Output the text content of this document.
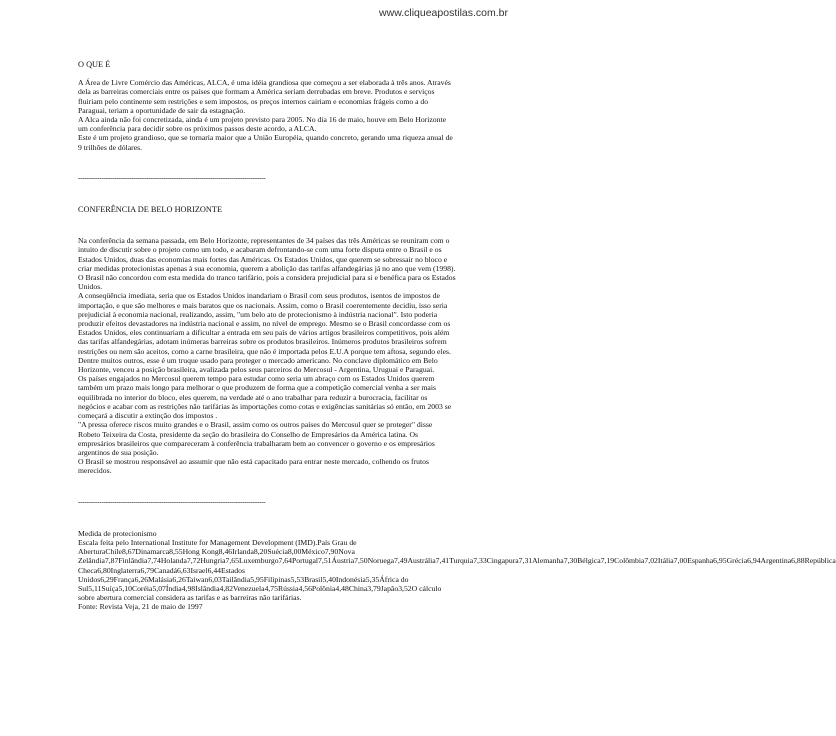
www.cliqueapostilas.com.br

O QUE É

A Área de Livre Comércio das Américas, ALCA, é uma idéia grandiosa que começou a ser elaborada à três anos. Através dela as barreiras comerciais entre os países que formam a América seriam derrubadas em breve. Produtos e serviços fluiriam pelo continente sem restrições e sem impostos, os preços internos cairiam e economias frágeis como a do Paraguai, teriam a oportunidade de sair da estagnação.

A Alca ainda não foi concretizada, ainda é um projeto previsto para 2005. No dia 16 de maio, houve em Belo Horizonte um conferência para decidir sobre os próximos passos deste acordo, a ALCA.

Este é um projeto grandioso, que se tornaria maior que a União Européia, quando concreto, gerando uma riqueza anual de 9 trilhões de dólares.

----------------------------------------------------------------------------------------

CONFERÊNCIA DE BELO HORIZONTE

Na conferência da semana passada, em Belo Horizonte, representantes de 34 países das três Américas se reuniram com o intuito de discutir sobre o projeto como um todo, e acabaram defrontando-se com uma forte disputa entre o Brasil e os Estados Unidos, duas das economias mais fortes das Américas. Os Estados Unidos, que querem se sobressair no bloco e criar medidas protecionistas apenas à sua economia, querem a abolição das tarifas alfandegárias já no ano que vem (1998). O Brasil não concordou com esta medida do tranco tarifário, pois a considera prejudicial para si e benéfica para os Estados Unidos.

A conseqüência imediata, seria que os Estados Unidos inandariam o Brasil com seus produtos, isentos de impostos de importação, e que são melhores e mais baratos que os nacionais. Assim, como o Brasil coerentemente decidiu, isso seria prejudicial à economia nacional, realizando, assim, "um belo ato de protecionismo à indústria nacional". Isto poderia produzir efeitos devastadores na indústria nacional e assim, no nível de emprego. Mesmo se o Brasil concordasse com os Estados Unidos, eles continuariam a dificultar a entrada em seu país de vários artigos brasileiros competitivos, pois além das tarifas alfandegárias, adotam inúmeras barreiras sobre os produtos brasileiros. Inúmeros produtos brasileiros sofrem restrições ou nem são aceitos, como a carne brasileira, que não é importada pelos E.U.A porque tem aftosa, segundo eles. Dentre muitos outros, esse é um truque usado para proteger o mercado americano. No conclave diplomático em Belo Horizonte, venceu a posição brasileira, avalizada pelos seus parceiros do Mercosul - Argentina, Uruguai e Paraguai.

Os países engajados no Mercosul querem tempo para estudar como seria um abraço com os Estados Unidos querem também um prazo mais longo para melhorar o que produzem de forma que a competição comercial venha a ser mais equilibrada no interior do bloco, eles querem, na verdade até o ano trabalhar para reduzir a burocracia, facilitar os negócios e acabar com as restrições não tarifárias às importações como cotas e exigências sanitárias só então, em 2003 se começará a discutir a extinção dos impostos .

"A pressa oferece riscos muito grandes e o Brasil, assim como os outros países do Mercosul quer se proteger" disse Robeto Teixeira da Costa, presidente da seção do brasileira do Conselho de Empresários da América latina. Os empresários brasileiros que compareceram à conferência trabalharam bem ao convencer o governo e os empresários argentinos de sua posição.

O Brasil se mostrou responsável ao assumir que não está capacitado para entrar neste mercado, colhendo os frutos merecidos.

----------------------------------------------------------------------------------------

Medida de protecionismo

Escala feita pelo International Institute for Management Development (IMD).País Grau de AberturaChile8,67Dinamarca8,55Hong Kong8,46Irlanda8,20Suécia8,00México7,90Nova Zelândia7,87Finlândia7,74Holanda7,72Hungria7,65Luxemburgo7,64Portugal7,51Áustria7,50Noruega7,49Austrália7,41Turquia7,33Cingapura7,31Alemanha7,30Bélgica7,19Colômbia7,02Itália7,00Espanha6,95Grécia6,94Argentina6,88República Checa6,80Inglaterra6,79Canadá6,63Israel6,44Estados Unidos6,29França6,26Malásia6,26Taiwan6,03Tailândia5,95Filipinas5,53Brasil5,40Indonésia5,35África do Sul5,11Suíça5,10Coréia5,07Índia4,98Islândia4,82Venezuela4,75Rússia4,56Polônia4,48China3,79Japão3,52O cálculo sobre abertura comercial considera as tarifas e as barreiras não tarifárias.

Fonte: Revista Veja, 21 de maio de 1997
